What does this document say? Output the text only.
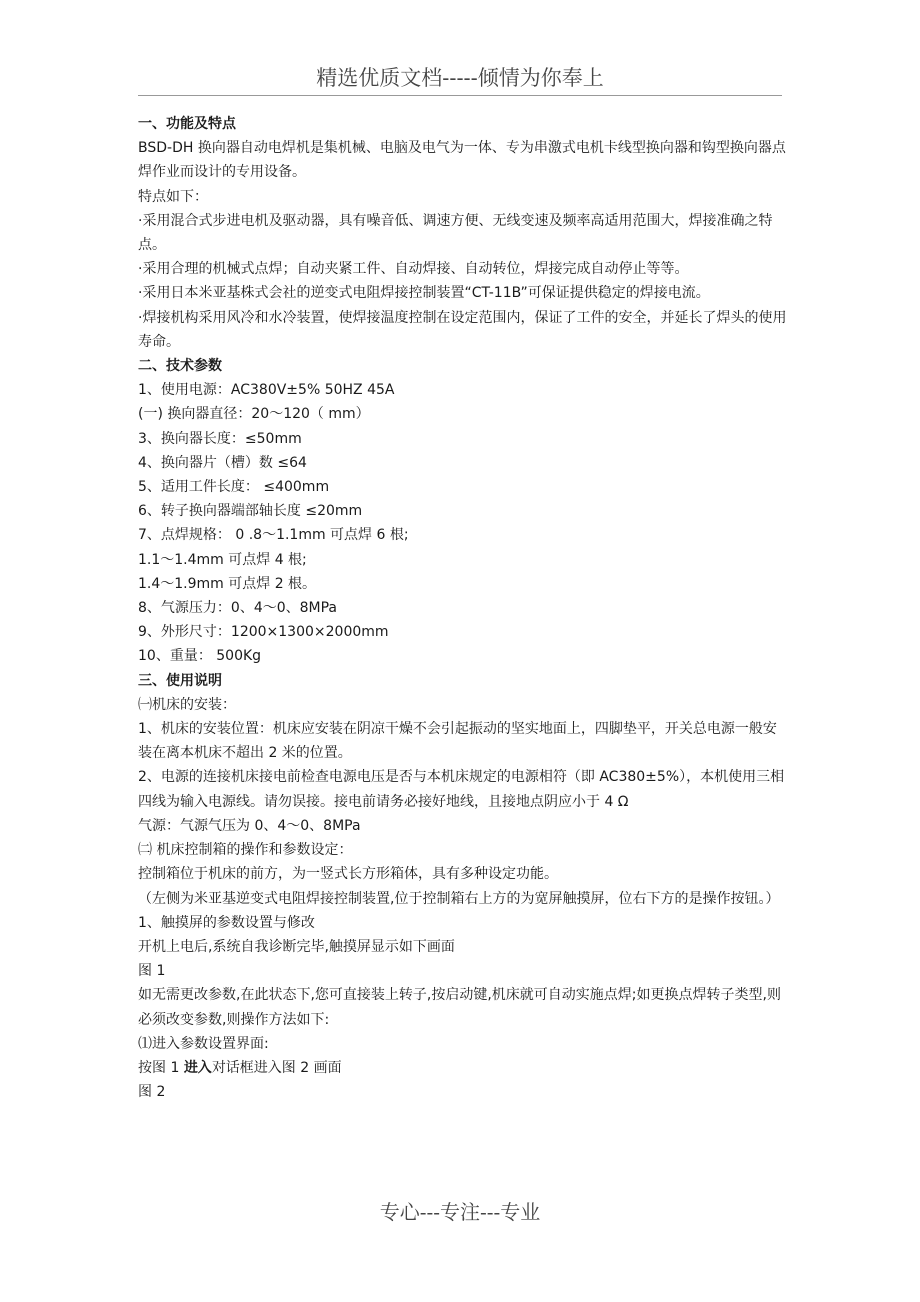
精选优质文档-----倾情为你奉上

一、功能及特点

BSD-DH 换向器自动电焊机是集机械、电脑及电气为一体、专为串激式电机卡线型换向器和钩型换向器点焊作业而设计的专用设备。

特点如下：

·采用混合式步进电机及驱动器，具有噪音低、调速方便、无线变速及频率高适用范围大，焊接准确之特点。

·采用合理的机械式点焊；自动夹紧工件、自动焊接、自动转位，焊接完成自动停止等等。

·采用日本米亚基株式会社的逆变式电阻焊接控制装置“CT-11B”可保证提供稳定的焊接电流。

·焊接机构采用风冷和水冷装置，使焊接温度控制在设定范围内，保证了工件的安全，并延长了焊头的使用寿命。

二、技术参数

1、使用电源：AC380V±5% 50HZ 45A

(一) 换向器直径：20～120（ mm）

3、换向器长度：≤50mm

4、换向器片（槽）数 ≤64

5、适用工件长度： ≤400mm

6、转子换向器端部轴长度 ≤20mm

7、点焊规格： 0 .8～1.1mm 可点焊 6 根;

1.1～1.4mm 可点焊 4 根;

1.4～1.9mm 可点焊 2 根。

8、气源压力：0、4～0、8MPa

9、外形尺寸：1200×1300×2000mm

10、重量： 500Kg

三、使用说明

㈠机床的安装：

1、机床的安装位置：机床应安装在阴凉干燥不会引起振动的坚实地面上，四脚垫平，开关总电源一般安装在离本机床不超出 2 米的位置。

2、电源的连接机床接电前检查电源电压是否与本机床规定的电源相符（即 AC380±5%），本机使用三相四线为输入电源线。请勿误接。接电前请务必接好地线，且接地点阴应小于 4 Ω

气源：气源气压为 0、4～0、8MPa

㈡ 机床控制箱的操作和参数设定：

控制箱位于机床的前方，为一竖式长方形箱体，具有多种设定功能。

（左侧为米亚基逆变式电阻焊接控制装置,位于控制箱右上方的为宽屏触摸屏，位右下方的是操作按钮。）

1、触摸屏的参数设置与修改

开机上电后,系统自我诊断完毕,触摸屏显示如下画面

图 1

如无需更改参数,在此状态下,您可直接装上转子,按启动键,机床就可自动实施点焊;如更换点焊转子类型,则必须改变参数,则操作方法如下:

⑴进入参数设置界面:

按图 1 进入对话框进入图 2 画面

图 2

专心---专注---专业
